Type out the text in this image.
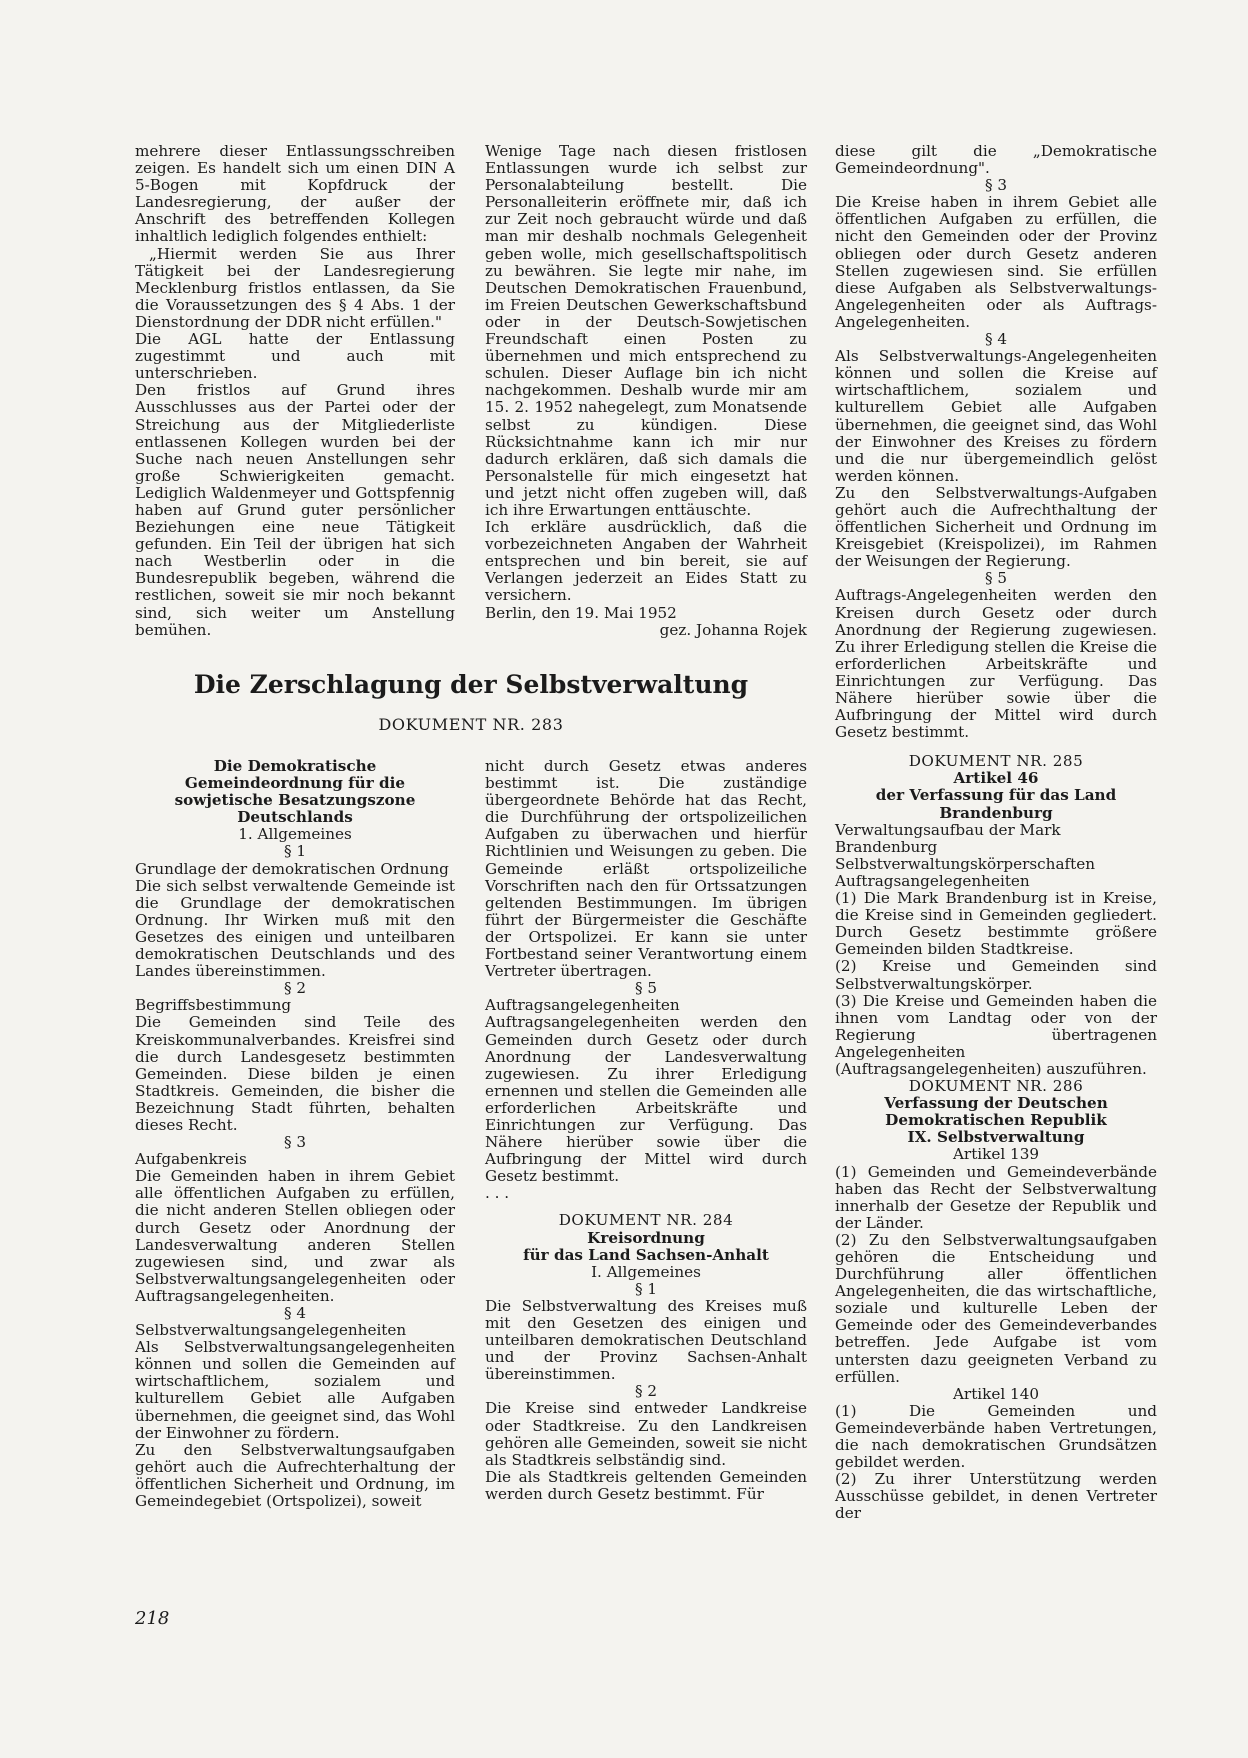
mehrere dieser Entlassungsschreiben zeigen. Es handelt sich um einen DIN A 5-Bogen mit Kopfdruck der Landesregierung, der außer der Anschrift des betreffenden Kollegen inhaltlich lediglich folgendes enthielt:

„Hiermit werden Sie aus Ihrer Tätigkeit bei der Landesregierung Mecklenburg fristlos entlassen, da Sie die Voraussetzungen des § 4 Abs. 1 der Dienstordnung der DDR nicht erfüllen."

Die AGL hatte der Entlassung zugestimmt und auch mit unterschrieben.

Den fristlos auf Grund ihres Ausschlusses aus der Partei oder der Streichung aus der Mitgliederliste entlassenen Kollegen wurden bei der Suche nach neuen Anstellungen sehr große Schwierigkeiten gemacht. Lediglich Waldenmeyer und Gottspfennig haben auf Grund guter persönlicher Beziehungen eine neue Tätigkeit gefunden. Ein Teil der übrigen hat sich nach Westberlin oder in die Bundesrepublik begeben, während die restlichen, soweit sie mir noch bekannt sind, sich weiter um Anstellung bemühen.

Wenige Tage nach diesen fristlosen Entlassungen wurde ich selbst zur Personalabteilung bestellt. Die Personalleiterin eröffnete mir, daß ich zur Zeit noch gebraucht würde und daß man mir deshalb nochmals Gelegenheit geben wolle, mich gesellschaftspolitisch zu bewähren. Sie legte mir nahe, im Deutschen Demokratischen Frauenbund, im Freien Deutschen Gewerkschaftsbund oder in der Deutsch-Sowjetischen Freundschaft einen Posten zu übernehmen und mich entsprechend zu schulen. Dieser Auflage bin ich nicht nachgekommen. Deshalb wurde mir am 15. 2. 1952 nahegelegt, zum Monatsende selbst zu kündigen. Diese Rücksichtnahme kann ich mir nur dadurch erklären, daß sich damals die Personalstelle für mich eingesetzt hat und jetzt nicht offen zugeben will, daß ich ihre Erwartungen enttäuschte.

Ich erkläre ausdrücklich, daß die vorbezeichneten Angaben der Wahrheit entsprechen und bin bereit, sie auf Verlangen jederzeit an Eides Statt zu versichern.

Berlin, den 19. Mai 1952

gez. Johanna Rojek

diese gilt die „Demokratische Gemeindeordnung".

§ 3

Die Kreise haben in ihrem Gebiet alle öffentlichen Aufgaben zu erfüllen, die nicht den Gemeinden oder der Provinz obliegen oder durch Gesetz anderen Stellen zugewiesen sind. Sie erfüllen diese Aufgaben als Selbstverwaltungs-Angelegenheiten oder als Auftrags-Angelegenheiten.

§ 4

Als Selbstverwaltungs-Angelegenheiten können und sollen die Kreise auf wirtschaftlichem, sozialem und kulturellem Gebiet alle Aufgaben übernehmen, die geeignet sind, das Wohl der Einwohner des Kreises zu fördern und die nur übergemeindlich gelöst werden können.

Zu den Selbstverwaltungs-Aufgaben gehört auch die Aufrechthaltung der öffentlichen Sicherheit und Ordnung im Kreisgebiet (Kreispolizei), im Rahmen der Weisungen der Regierung.

§ 5

Auftrags-Angelegenheiten werden den Kreisen durch Gesetz oder durch Anordnung der Regierung zugewiesen. Zu ihrer Erledigung stellen die Kreise die erforderlichen Arbeitskräfte und Einrichtungen zur Verfügung. Das Nähere hierüber sowie über die Aufbringung der Mittel wird durch Gesetz bestimmt.

DOKUMENT NR. 285

Artikel 46

der Verfassung für das Land Brandenburg

Verwaltungsaufbau der Mark Brandenburg

Selbstverwaltungskörperschaften

Auftragsangelegenheiten

(1) Die Mark Brandenburg ist in Kreise, die Kreise sind in Gemeinden gegliedert. Durch Gesetz bestimmte größere Gemeinden bilden Stadtkreise.

(2) Kreise und Gemeinden sind Selbstverwaltungskörper.

(3) Die Kreise und Gemeinden haben die ihnen vom Landtag oder von der Regierung übertragenen Angelegenheiten (Auftragsangelegenheiten) auszuführen.

DOKUMENT NR. 286

Verfassung der Deutschen Demokratischen Republik

IX. Selbstverwaltung

Artikel 139

(1) Gemeinden und Gemeindeverbände haben das Recht der Selbstverwaltung innerhalb der Gesetze der Republik und der Länder.

(2) Zu den Selbstverwaltungsaufgaben gehören die Entscheidung und Durchführung aller öffentlichen Angelegenheiten, die das wirtschaftliche, soziale und kulturelle Leben der Gemeinde oder des Gemeindeverbandes betreffen. Jede Aufgabe ist vom untersten dazu geeigneten Verband zu erfüllen.

Artikel 140

(1) Die Gemeinden und Gemeindeverbände haben Vertretungen, die nach demokratischen Grundsätzen gebildet werden.

(2) Zu ihrer Unterstützung werden Ausschüsse gebildet, in denen Vertreter der

Die Zerschlagung der Selbstverwaltung
DOKUMENT NR. 283

Die Demokratische Gemeindeordnung für die sowjetische Besatzungszone Deutschlands

1. Allgemeines

§ 1

Grundlage der demokratischen Ordnung

Die sich selbst verwaltende Gemeinde ist die Grundlage der demokratischen Ordnung. Ihr Wirken muß mit den Gesetzes des einigen und unteilbaren demokratischen Deutschlands und des Landes übereinstimmen.

§ 2

Begriffsbestimmung

Die Gemeinden sind Teile des Kreiskommunalverbandes. Kreisfrei sind die durch Landesgesetz bestimmten Gemeinden. Diese bilden je einen Stadtkreis. Gemeinden, die bisher die Bezeichnung Stadt führten, behalten dieses Recht.

§ 3

Aufgabenkreis

Die Gemeinden haben in ihrem Gebiet alle öffentlichen Aufgaben zu erfüllen, die nicht anderen Stellen obliegen oder durch Gesetz oder Anordnung der Landesverwaltung anderen Stellen zugewiesen sind, und zwar als Selbstverwaltungsangelegenheiten oder Auftragsangelegenheiten.

§ 4

Selbstverwaltungsangelegenheiten

Als Selbstverwaltungsangelegenheiten können und sollen die Gemeinden auf wirtschaftlichem, sozialem und kulturellem Gebiet alle Aufgaben übernehmen, die geeignet sind, das Wohl der Einwohner zu fördern.

Zu den Selbstverwaltungsaufgaben gehört auch die Aufrechterhaltung der öffentlichen Sicherheit und Ordnung, im Gemeindegebiet (Ortspolizei), soweit

nicht durch Gesetz etwas anderes bestimmt ist. Die zuständige übergeordnete Behörde hat das Recht, die Durchführung der ortspolizeilichen Aufgaben zu überwachen und hierfür Richtlinien und Weisungen zu geben. Die Gemeinde erläßt ortspolizeiliche Vorschriften nach den für Ortssatzungen geltenden Bestimmungen. Im übrigen führt der Bürgermeister die Geschäfte der Ortspolizei. Er kann sie unter Fortbestand seiner Verantwortung einem Vertreter übertragen.

§ 5

Auftragsangelegenheiten

Auftragsangelegenheiten werden den Gemeinden durch Gesetz oder durch Anordnung der Landesverwaltung zugewiesen. Zu ihrer Erledigung ernennen und stellen die Gemeinden alle erforderlichen Arbeitskräfte und Einrichtungen zur Verfügung. Das Nähere hierüber sowie über die Aufbringung der Mittel wird durch Gesetz bestimmt.

. . .

DOKUMENT NR. 284

Kreisordnung

für das Land Sachsen-Anhalt

I. Allgemeines

§ 1

Die Selbstverwaltung des Kreises muß mit den Gesetzen des einigen und unteilbaren demokratischen Deutschland und der Provinz Sachsen-Anhalt übereinstimmen.

§ 2

Die Kreise sind entweder Landkreise oder Stadtkreise. Zu den Landkreisen gehören alle Gemeinden, soweit sie nicht als Stadtkreis selbständig sind.

Die als Stadtkreis geltenden Gemeinden werden durch Gesetz bestimmt. Für

218
